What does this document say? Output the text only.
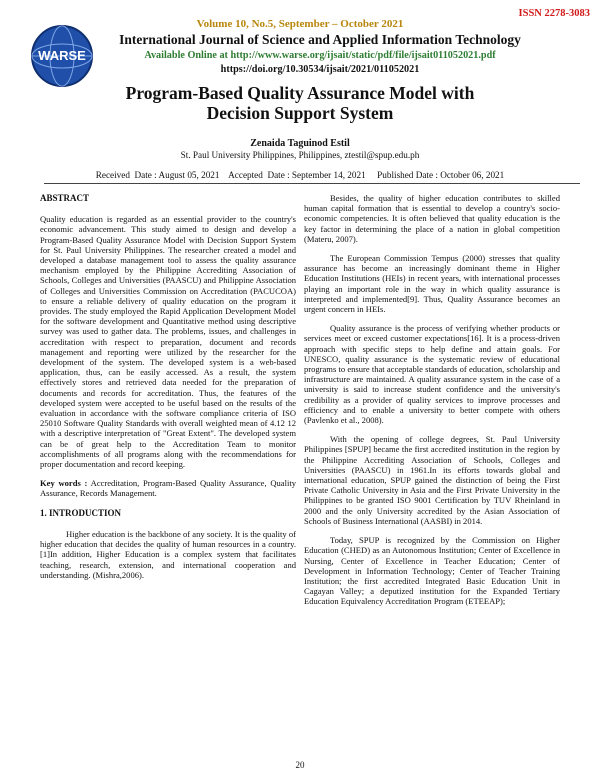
ISSN 2278-3083
WARSE
Volume 10, No.5, September – October 2021
International Journal of Science and Applied Information Technology
Available Online at http://www.warse.org/ijsait/static/pdf/file/ijsait011052021.pdf
https://doi.org/10.30534/ijsait/2021/011052021
Program-Based Quality Assurance Model with
Decision Support System
Zenaida Taguinod Estil
St. Paul University Philippines, Philippines, ztestil@spup.edu.ph
Received  Date : August 05, 2021    Accepted  Date : September 14, 2021     Published Date : October 06, 2021
ABSTRACT

Quality education is regarded as an essential provider to the country's economic advancement. This study aimed to design and develop a Program-Based Quality Assurance Model with Decision Support System for St. Paul University Philippines. The researcher created a model and developed a database management tool to assess the quality assurance mechanism employed by the Philippine Accrediting Association of Schools, Colleges and Universities (PAASCU) and Philippine Association of Colleges and Universities Commission on Accreditation (PACUCOA) to ensure a reliable delivery of quality education on the program it provides. The study employed the Rapid Application Development Model for the software development and Quantitative method using descriptive survey was used to gather data. The problems, issues, and challenges in accreditation with respect to preparation, document and records management and reporting were utilized by the researcher for the development of the system. The developed system is a web-based application, thus, can be easily accessed. As a result, the system effectively stores and retrieved data needed for the preparation of documents and records for accreditation. Thus, the features of the developed system were accepted to be useful based on the results of the evaluation in accordance with the software compliance criteria of ISO 25010 Software Quality Standards with overall weighted mean of 4.12 12 with a descriptive interpretation of "Great Extent". The developed system can be of great help to the Accreditation Team to monitor accomplishments of all programs along with the recommendations for proper documentation and record keeping.

Key words : Accreditation, Program-Based Quality Assurance, Quality Assurance, Records Management.

1. INTRODUCTION

Higher education is the backbone of any society. It is the quality of higher education that decides the quality of human resources in a country. [1]In addition, Higher Education is a complex system that facilitates teaching, research, extension, and international cooperation and understanding. (Mishra,2006).

Besides, the quality of higher education contributes to skilled human capital formation that is essential to develop a country's socio-economic competencies. It is often believed that quality education is the key factor in determining the place of a nation in global competition (Materu, 2007).

The European Commission Tempus (2000) stresses that quality assurance has become an increasingly dominant theme in Higher Education Institutions (HEIs) in recent years, with international processes playing an important role in the way in which quality assurance is interpreted and implemented[9]. Thus, Quality Assurance becomes an urgent concern in HEIs.

Quality assurance is the process of verifying whether products or services meet or exceed customer expectations[16]. It is a process-driven approach with specific steps to help define and attain goals. For UNESCO, quality assurance is the systematic review of educational programs to ensure that acceptable standards of education, scholarship and infrastructure are maintained. A quality assurance system in the case of a university is said to increase student confidence and the university's credibility as a provider of quality services to improve processes and efficiency and to enable a university to better compete with others (Pavlenko et al., 2008).

With the opening of college degrees, St. Paul University Philippines [SPUP] became the first accredited institution in the region by the Philippine Accrediting Association of Schools, Colleges and Universities (PAASCU) in 1961.In its efforts towards global and international education, SPUP gained the distinction of being the First Private Catholic University in Asia and the First Private University in the Philippines to be granted ISO 9001 Certification by TUV Rheinland in 2000 and the only University accredited by the Asian Association of Schools of Business International (AASBI) in 2014.

Today, SPUP is recognized by the Commission on Higher Education (CHED) as an Autonomous Institution; Center of Excellence in Nursing, Center of Excellence in Teacher Education; Center of Development in Information Technology; Center of Teacher Training Institution; the first accredited Integrated Basic Education Unit in Cagayan Valley; a deputized institution for the Expanded Tertiary Education Equivalency Accreditation Program (ETEEAP);

20
